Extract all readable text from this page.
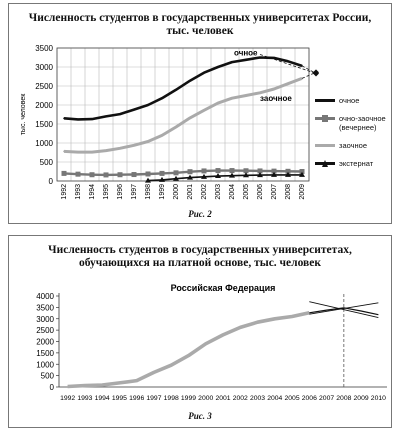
Численность студентов в государственных университетах России,
тыс. человек
0
500
1000
1500
2000
2500
3000
3500
тыс. человек
1992 1993 1994 1995 1996 1997 1998 1999 2000 2001 2002 2003 2004 2005 2006 2007 2008 2009
очное
заочное	очное
очно-заочное (вечернее)
заочное
экстернат
Рис. 2
Численность студентов в государственных университетах,
обучающихся на платной основе, тыс. человек
Российская Федерация
0
500
1000
1500
2000
2500
3000
3500
4000
1992 1993 1994 1995 1996 1997 1998 1999 2000 2001 2002 2003 2004 2005 2006 2007 2008 2009 2010
Рис. 3
